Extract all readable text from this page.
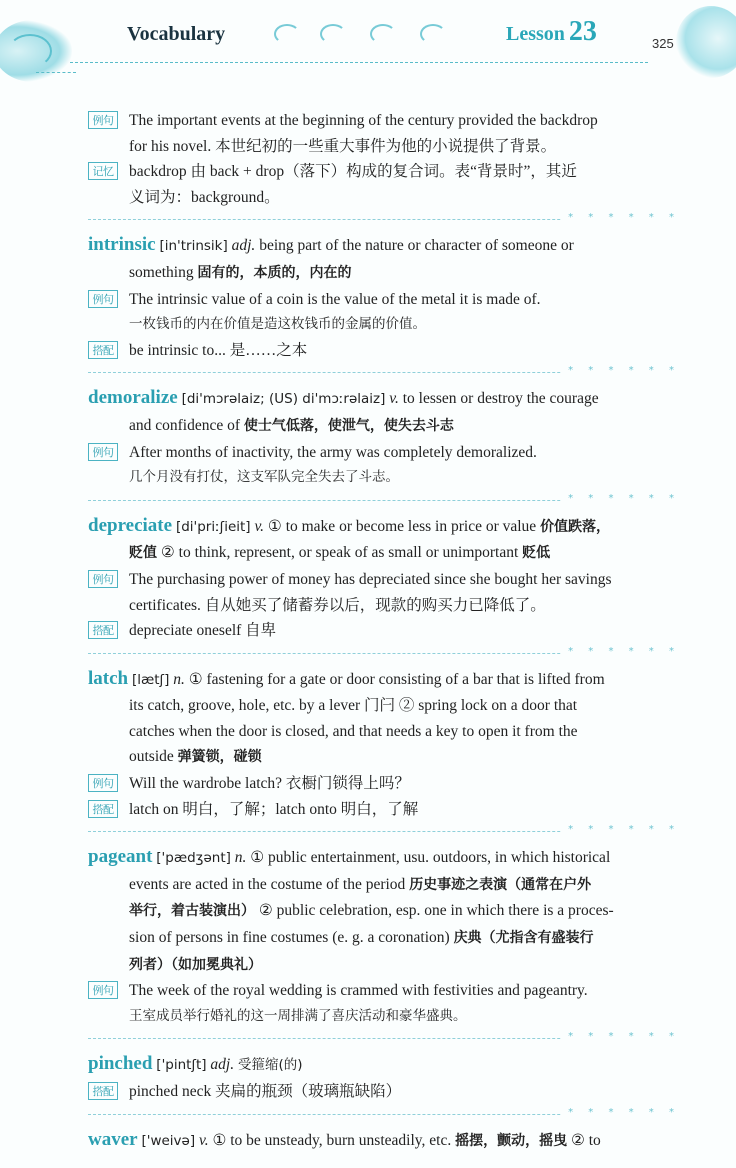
Vocabulary	Lesson 23	325
例句 The important events at the beginning of the century provided the backdrop
for his novel. 本世纪初的一些重大事件为他的小说提供了背景。
记忆 backdrop 由 back + drop（落下）构成的复合词。表“背景时”，其近
义词为：background。
* * * * * *
intrinsic [in'trinsik] adj. being part of the nature or character of someone or
something 固有的，本质的，内在的
例句 The intrinsic value of a coin is the value of the metal it is made of.
一枚钱币的内在价值是造这枚钱币的金属的价值。
搭配 be intrinsic to... 是……之本
* * * * * *
demoralize [di'mɔrəlaiz; (US) di'mɔːrəlaiz] v. to lessen or destroy the courage
and confidence of 使士气低落，使泄气，使失去斗志
例句 After months of inactivity, the army was completely demoralized.
几个月没有打仗，这支军队完全失去了斗志。
* * * * * *
depreciate [di'priːʃieit] v. ① to make or become less in price or value 价值跌落，
贬值 ② to think, represent, or speak of as small or unimportant 贬低
例句 The purchasing power of money has depreciated since she bought her savings
certificates. 自从她买了储蓄券以后，现款的购买力已降低了。
搭配 depreciate oneself 自卑
* * * * * *
latch [lætʃ] n. ① fastening for a gate or door consisting of a bar that is lifted from
its catch, groove, hole, etc. by a lever 门闩 ② spring lock on a door that
catches when the door is closed, and that needs a key to open it from the
outside 弹簧锁，碰锁
例句 Will the wardrobe latch? 衣橱门锁得上吗？
搭配 latch on 明白，了解；latch onto 明白，了解
* * * * * *
pageant ['pædʒənt] n. ① public entertainment, usu. outdoors, in which historical
events are acted in the costume of the period 历史事迹之表演（通常在户外
举行，着古装演出） ② public celebration, esp. one in which there is a proces-
sion of persons in fine costumes (e. g. a coronation) 庆典（尤指含有盛装行
列者）（如加冕典礼）
例句 The week of the royal wedding is crammed with festivities and pageantry.
王室成员举行婚礼的这一周排满了喜庆活动和豪华盛典。
* * * * * *
pinched ['pintʃt] adj. 受箍缩(的)
搭配 pinched neck 夹扁的瓶颈（玻璃瓶缺陷）
* * * * * *
waver ['weivə] v. ① to be unsteady, burn unsteadily, etc. 摇摆，颤动，摇曳 ② to
